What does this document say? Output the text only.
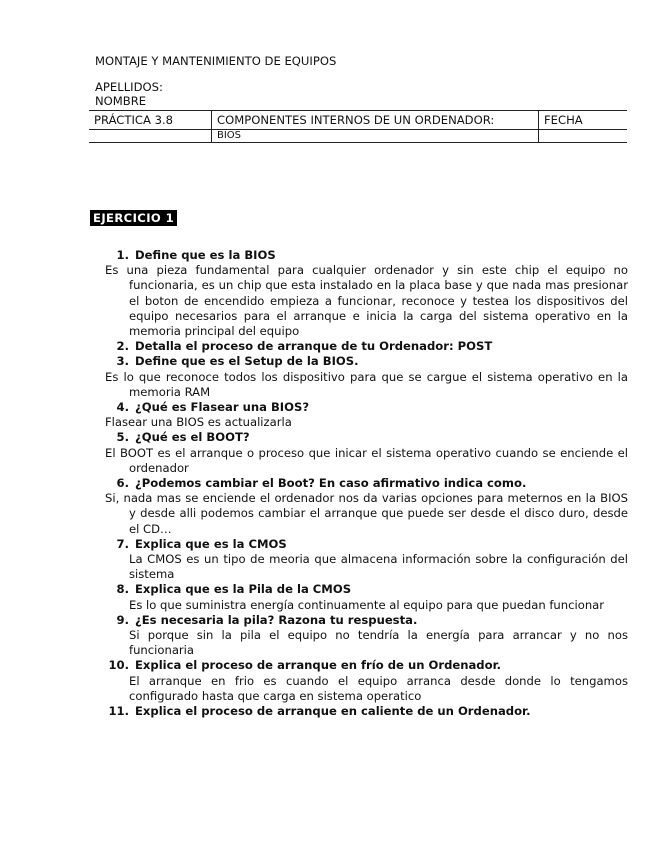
MONTAJE Y MANTENIMIENTO DE EQUIPOS
APELLIDOS:
NOMBRE
PRÁCTICA 3.8	COMPONENTES INTERNOS DE UN ORDENADOR:	FECHA
	BIOS	
EJERCICIO 1
1. Define que es la BIOS
Es una pieza fundamental para cualquier ordenador y sin este chip el equipo no funcionaria, es un chip que esta instalado en la placa base y que nada mas presionar el boton de encendido empieza a funcionar, reconoce y testea los dispositivos del equipo necesarios para el arranque e inicia la carga del sistema operativo en la memoria principal del equipo
2. Detalla el proceso de arranque de tu Ordenador: POST
3. Define que es el Setup de la BIOS.
Es lo que reconoce todos los dispositivo para que se cargue el sistema operativo en la memoria RAM
4. ¿Qué es Flasear una BIOS?
Flasear una BIOS es actualizarla
5. ¿Qué es el BOOT?
El BOOT es el arranque o proceso que inicar el sistema operativo cuando se enciende el ordenador
6. ¿Podemos cambiar el Boot? En caso afirmativo indica como.
Si, nada mas se enciende el ordenador nos da varias opciones para meternos en la BIOS y desde alli podemos cambiar el arranque que puede ser desde el disco duro, desde el CD…
7. Explica que es la CMOS
La CMOS es un tipo de meoria que almacena información sobre la configuración del sistema
8. Explica que es la Pila de la CMOS
Es lo que suministra energía continuamente al equipo para que puedan funcionar
9. ¿Es necesaria la pila? Razona tu respuesta.
Si porque sin la pila el equipo no tendría la energía para arrancar y no nos funcionaria
10. Explica el proceso de arranque en frío de un Ordenador.
El arranque en frio es cuando el equipo arranca desde donde lo tengamos configurado hasta que carga en sistema operatico
11. Explica el proceso de arranque en caliente de un Ordenador.
